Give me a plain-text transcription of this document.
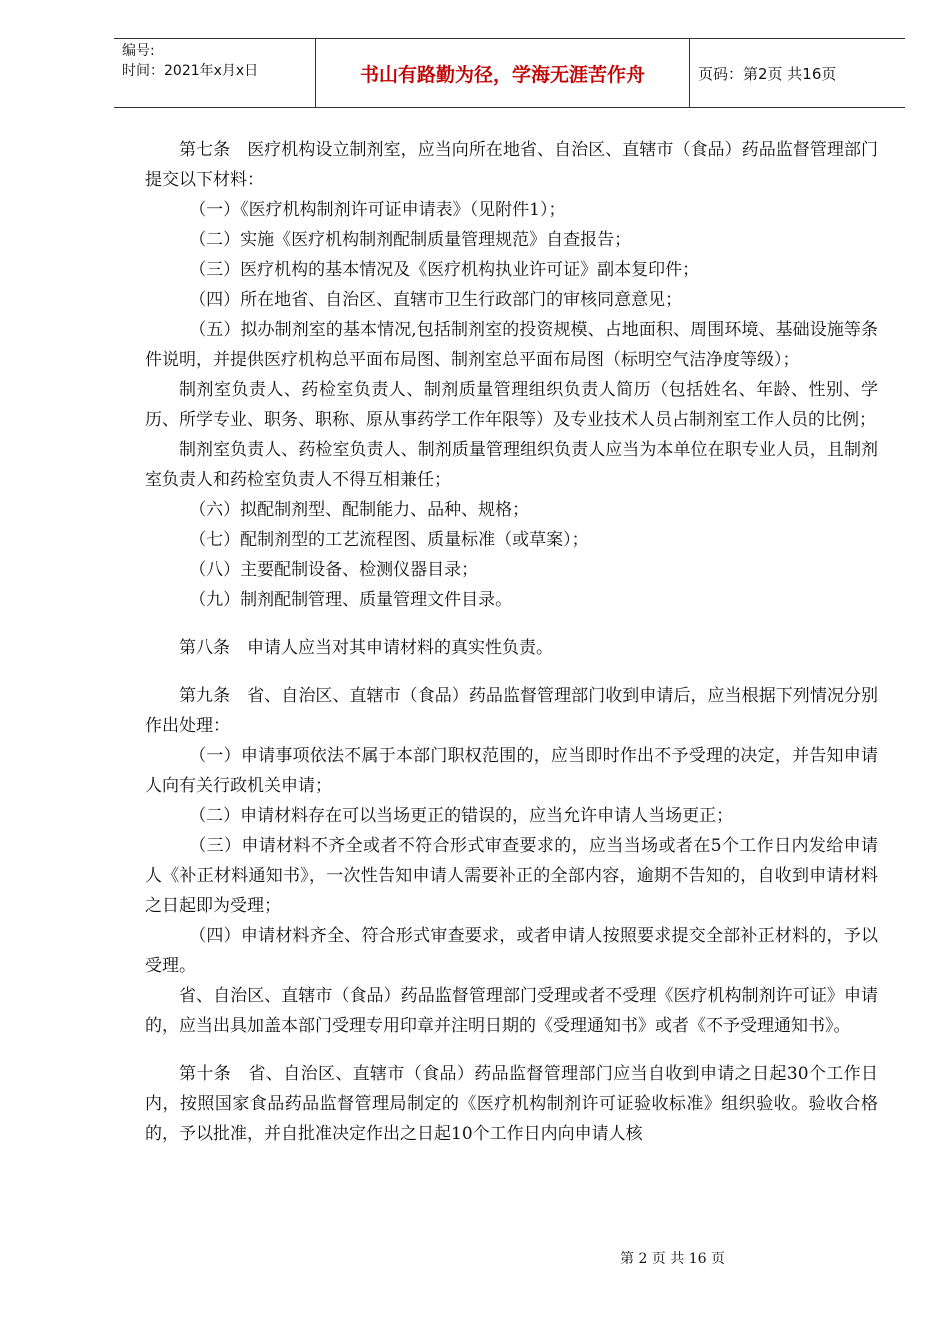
编号:
时间：2021年x月x日	书山有路勤为径，学海无涯苦作舟	页码：第2页 共16页

第七条　医疗机构设立制剂室，应当向所在地省、自治区、直辖市（食品）药品监督管理部门提交以下材料：

（一）《医疗机构制剂许可证申请表》（见附件1）；

（二）实施《医疗机构制剂配制质量管理规范》自查报告；

（三）医疗机构的基本情况及《医疗机构执业许可证》副本复印件；

（四）所在地省、自治区、直辖市卫生行政部门的审核同意意见；

（五）拟办制剂室的基本情况,包括制剂室的投资规模、占地面积、周围环境、基础设施等条件说明，并提供医疗机构总平面布局图、制剂室总平面布局图（标明空气洁净度等级）；

制剂室负责人、药检室负责人、制剂质量管理组织负责人简历（包括姓名、年龄、性别、学历、所学专业、职务、职称、原从事药学工作年限等）及专业技术人员占制剂室工作人员的比例；

制剂室负责人、药检室负责人、制剂质量管理组织负责人应当为本单位在职专业人员，且制剂室负责人和药检室负责人不得互相兼任；

（六）拟配制剂型、配制能力、品种、规格；

（七）配制剂型的工艺流程图、质量标准（或草案）；

（八）主要配制设备、检测仪器目录；

（九）制剂配制管理、质量管理文件目录。

第八条　申请人应当对其申请材料的真实性负责。

第九条　省、自治区、直辖市（食品）药品监督管理部门收到申请后，应当根据下列情况分别作出处理：

（一）申请事项依法不属于本部门职权范围的，应当即时作出不予受理的决定，并告知申请人向有关行政机关申请；

（二）申请材料存在可以当场更正的错误的，应当允许申请人当场更正；

（三）申请材料不齐全或者不符合形式审查要求的，应当当场或者在5个工作日内发给申请人《补正材料通知书》，一次性告知申请人需要补正的全部内容，逾期不告知的，自收到申请材料之日起即为受理；

（四）申请材料齐全、符合形式审查要求，或者申请人按照要求提交全部补正材料的，予以受理。

省、自治区、直辖市（食品）药品监督管理部门受理或者不受理《医疗机构制剂许可证》申请的，应当出具加盖本部门受理专用印章并注明日期的《受理通知书》或者《不予受理通知书》。

第十条　省、自治区、直辖市（食品）药品监督管理部门应当自收到申请之日起30个工作日内，按照国家食品药品监督管理局制定的《医疗机构制剂许可证验收标准》组织验收。验收合格的，予以批准，并自批准决定作出之日起10个工作日内向申请人核

第 2 页 共 16 页
